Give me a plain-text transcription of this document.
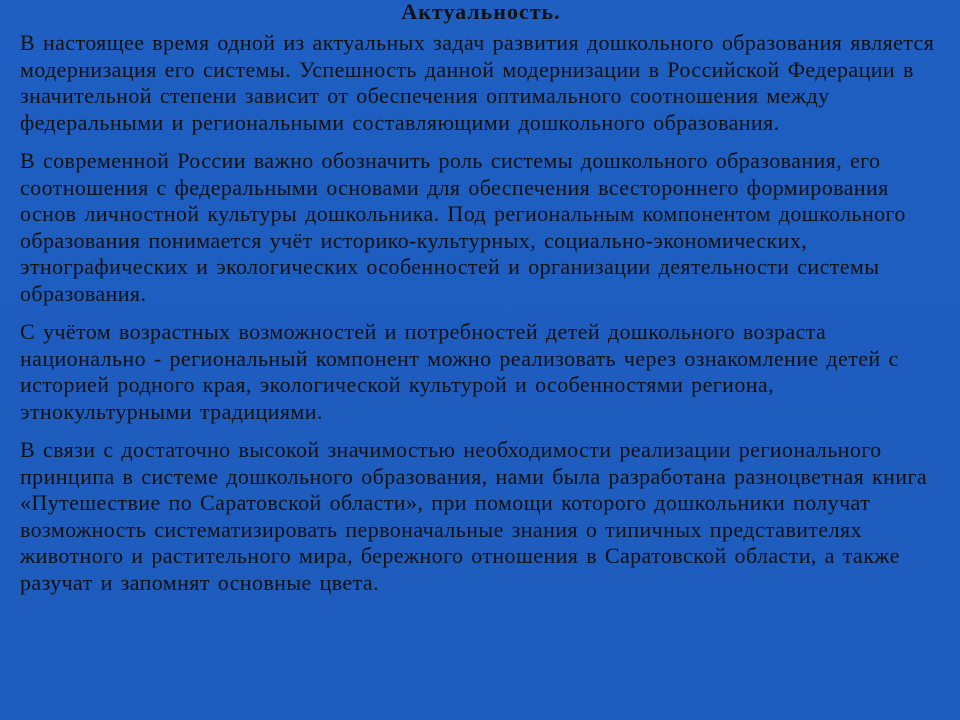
Актуальность.

В настоящее время одной из актуальных задач развития дошкольного образования является модернизация его системы. Успешность данной модернизации в Российской Федерации в значительной степени зависит от обеспечения оптимального соотношения между федеральными и региональными составляющими дошкольного образования.

В современной России важно обозначить роль системы дошкольного образования, его соотношения с федеральными основами для обеспечения всестороннего формирования основ личностной культуры дошкольника. Под региональным компонентом дошкольного образования понимается учёт историко-культурных, социально-экономических, этнографических и экологических особенностей и организации деятельности системы образования.

С учётом возрастных возможностей и потребностей детей дошкольного возраста национально - региональный компонент можно реализовать через ознакомление детей с историей родного края, экологической культурой и особенностями региона, этнокультурными традициями.

В связи с достаточно высокой значимостью необходимости реализации регионального принципа в системе дошкольного образования, нами была разработана разноцветная книга «Путешествие по Саратовской области», при помощи которого дошкольники получат возможность систематизировать первоначальные знания о типичных представителях животного и растительного мира, бережного отношения в Саратовской области, а также разучат и запомнят основные цвета.
